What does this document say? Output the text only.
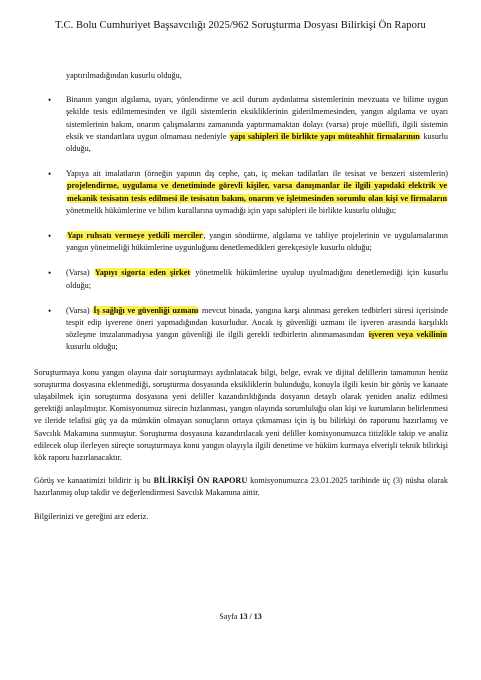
T.C. Bolu Cumhuriyet Başsavcılığı 2025/962 Soruşturma Dosyası Bilirkişi Ön Raporu

yaptırılmadığından kusurlu olduğu,

• Binanın yangın algılama, uyarı, yönlendirme ve acil durum aydınlatma sistemlerinin mevzuata ve bilime uygun şekilde tesis edilmemesinden ve ilgili sistemlerin eksikliklerinin giderilmemesinden, yangın algılama ve uyarı sistemlerinin bakım, onarım çalışmalarını zamanında yaptırmamaktan dolayı (varsa) proje müellifi, ilgili sistemin eksik ve standartlara uygun olmaması nedeniyle yapı sahipleri ile birlikte yapı müteahhit firmalarının kusurlu olduğu,
• Yapıya ait imalatların (örneğin yapının dış cephe, çatı, iç mekan tadilatları ile tesisat ve benzeri sistemlerin) projelendirme, uygulama ve denetiminde görevli kişiler, varsa danışmanlar ile ilgili yapıdaki elektrik ve mekanik tesisatın tesis edilmesi ile tesisatın bakım, onarım ve işletmesinden sorumlu olan kişi ve firmaların yönetmelik hükümlerine ve bilim kurallarına uymadığı için yapı sahipleri ile birlikte kusurlu olduğu;
• Yapı ruhsatı vermeye yetkili merciler, yangın söndürme, algılama ve tahliye projelerinin ve uygulamalarının yangın yönetmeliği hükümlerine uygunluğunu denetlemedikleri gerekçesiyle kusurlu olduğu;
• (Varsa) Yapıyı sigorta eden şirket yönetmelik hükümlerine uyulup uyulmadığını denetlemediği için kusurlu olduğu;
• (Varsa) İş sağlığı ve güvenliği uzmanı mevcut binada, yangına karşı alınması gereken tedbirleri süresi içerisinde tespit edip işverene öneri yapmadığından kusurludur. Ancak iş güvenliği uzmanı ile işveren arasında karşılıklı sözleşme imzalanmadıysa yangın güvenliği ile ilgili gerekli tedbirlerin alınmamasından işveren veya vekilinin kusurlu olduğu;

Soruşturmaya konu yangın olayına dair soruşturmayı aydınlatacak bilgi, belge, evrak ve dijital delillerin tamamının henüz soruşturma dosyasına eklenmediği, soruşturma dosyasında eksikliklerin bulunduğu, konuyla ilgili kesin bir görüş ve kanaate ulaşabilmek için soruşturma dosyasına yeni deliller kazandırıldığında dosyanın detaylı olarak yeniden analiz edilmesi gerektiği anlaşılmıştır. Komisyonumuz sürecin hızlanması, yangın olayında sorumluluğu olan kişi ve kurumların belirlenmesi ve ileride telafisi güç ya da mümkün olmayan sonuçların ortaya çıkmaması için iş bu bilirkişi ön raporunu hazırlamış ve Savcılık Makamına sunmuştur. Soruşturma dosyasına kazandırılacak yeni deliller komisyonumuzca titizlikle takip ve analiz edilecek olup ilerleyen süreçte soruşturmaya konu yangın olayıyla ilgili denetime ve hüküm kurmaya elverişli teknik bilirkişi kök raporu hazırlanacaktır.

Görüş ve kanaatimizi bildirir iş bu BİLİRKİŞİ ÖN RAPORU komisyonumuzca 23.01.2025 tarihinde üç (3) nüsha olarak hazırlanmış olup takdir ve değerlendirmesi Savcılık Makamına aittir.

Bilgilerinizi ve gereğini arz ederiz.

Sayfa 13 / 13
